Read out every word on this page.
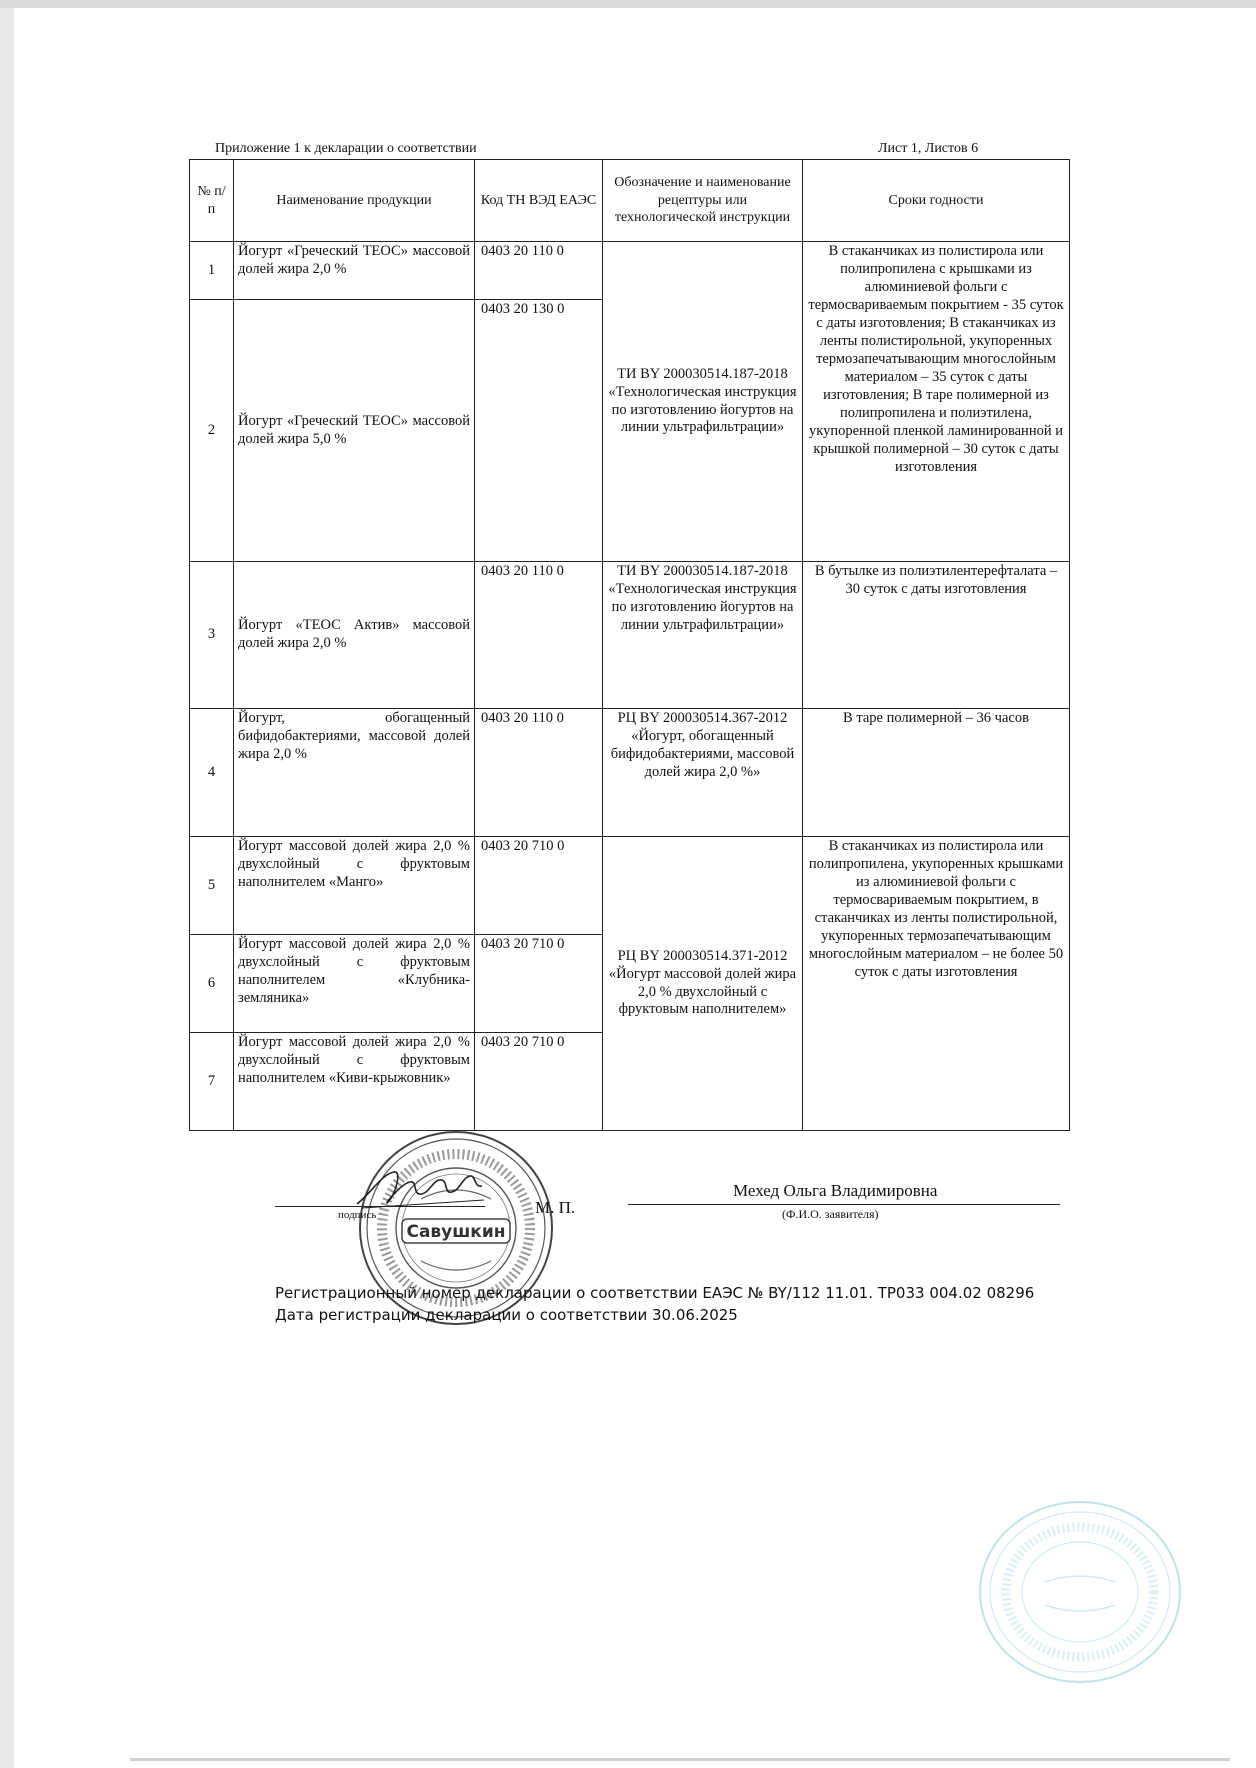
Приложение 1 к декларации о соответствии	Лист 1, Листов 6
№ п/п	Наименование продукции	Код ТН ВЭД ЕАЭС	Обозначение и наименование рецептуры или технологической инструкции	Сроки годности
1	Йогурт «Греческий ТЕОС» массовой долей жира 2,0 %	0403 20 110 0	ТИ BY 200030514.187-2018 «Технологическая инструкция по изготовлению йогуртов на линии ультрафильтрации»	В стаканчиках из полистирола или полипропилена с крышками из алюминиевой фольги с термосвариваемым покрытием - 35 суток с даты изготовления; В стаканчиках из ленты полистирольной, укупоренных термозапечатывающим многослойным материалом – 35 суток с даты изготовления; В таре полимерной из полипропилена и полиэтилена, укупоренной пленкой ламинированной и крышкой полимерной – 30 суток с даты изготовления
2	Йогурт «Греческий ТЕОС» массовой долей жира 5,0 %	0403 20 130 0		
3	Йогурт «ТЕОС Актив» массовой долей жира 2,0 %	0403 20 110 0	ТИ BY 200030514.187-2018 «Технологическая инструкция по изготовлению йогуртов на линии ультрафильтрации»	В бутылке из полиэтилентерефталата – 30 суток с даты изготовления
4	Йогурт, обогащенный бифидобактериями, массовой долей жира 2,0 %	0403 20 110 0	РЦ BY 200030514.367-2012 «Йогурт, обогащенный бифидобактериями, массовой долей жира 2,0 %»	В таре полимерной – 36 часов
5	Йогурт массовой долей жира 2,0 % двухслойный с фруктовым наполнителем «Манго»	0403 20 710 0	РЦ BY 200030514.371-2012 «Йогурт массовой долей жира 2,0 % двухслойный с фруктовым наполнителем»	В стаканчиках из полистирола или полипропилена, укупоренных крышками из алюминиевой фольги с термосвариваемым покрытием, в стаканчиках из ленты полистирольной, укупоренных термозапечатывающим многослойным материалом – не более 50 суток с даты изготовления
6	Йогурт массовой долей жира 2,0 % двухслойный с фруктовым наполнителем «Клубника-земляника»	0403 20 710 0		
7	Йогурт массовой долей жира 2,0 % двухслойный с фруктовым наполнителем «Киви-крыжовник»	0403 20 710 0		
Савушкин
подпись	М. П.
Мехед Ольга Владимировна
(Ф.И.О. заявителя)
Регистрационный номер декларации о соответствии ЕАЭС № BY/112 11.01. ТР033 004.02 08296
Дата регистрации декларации о соответствии 30.06.2025
